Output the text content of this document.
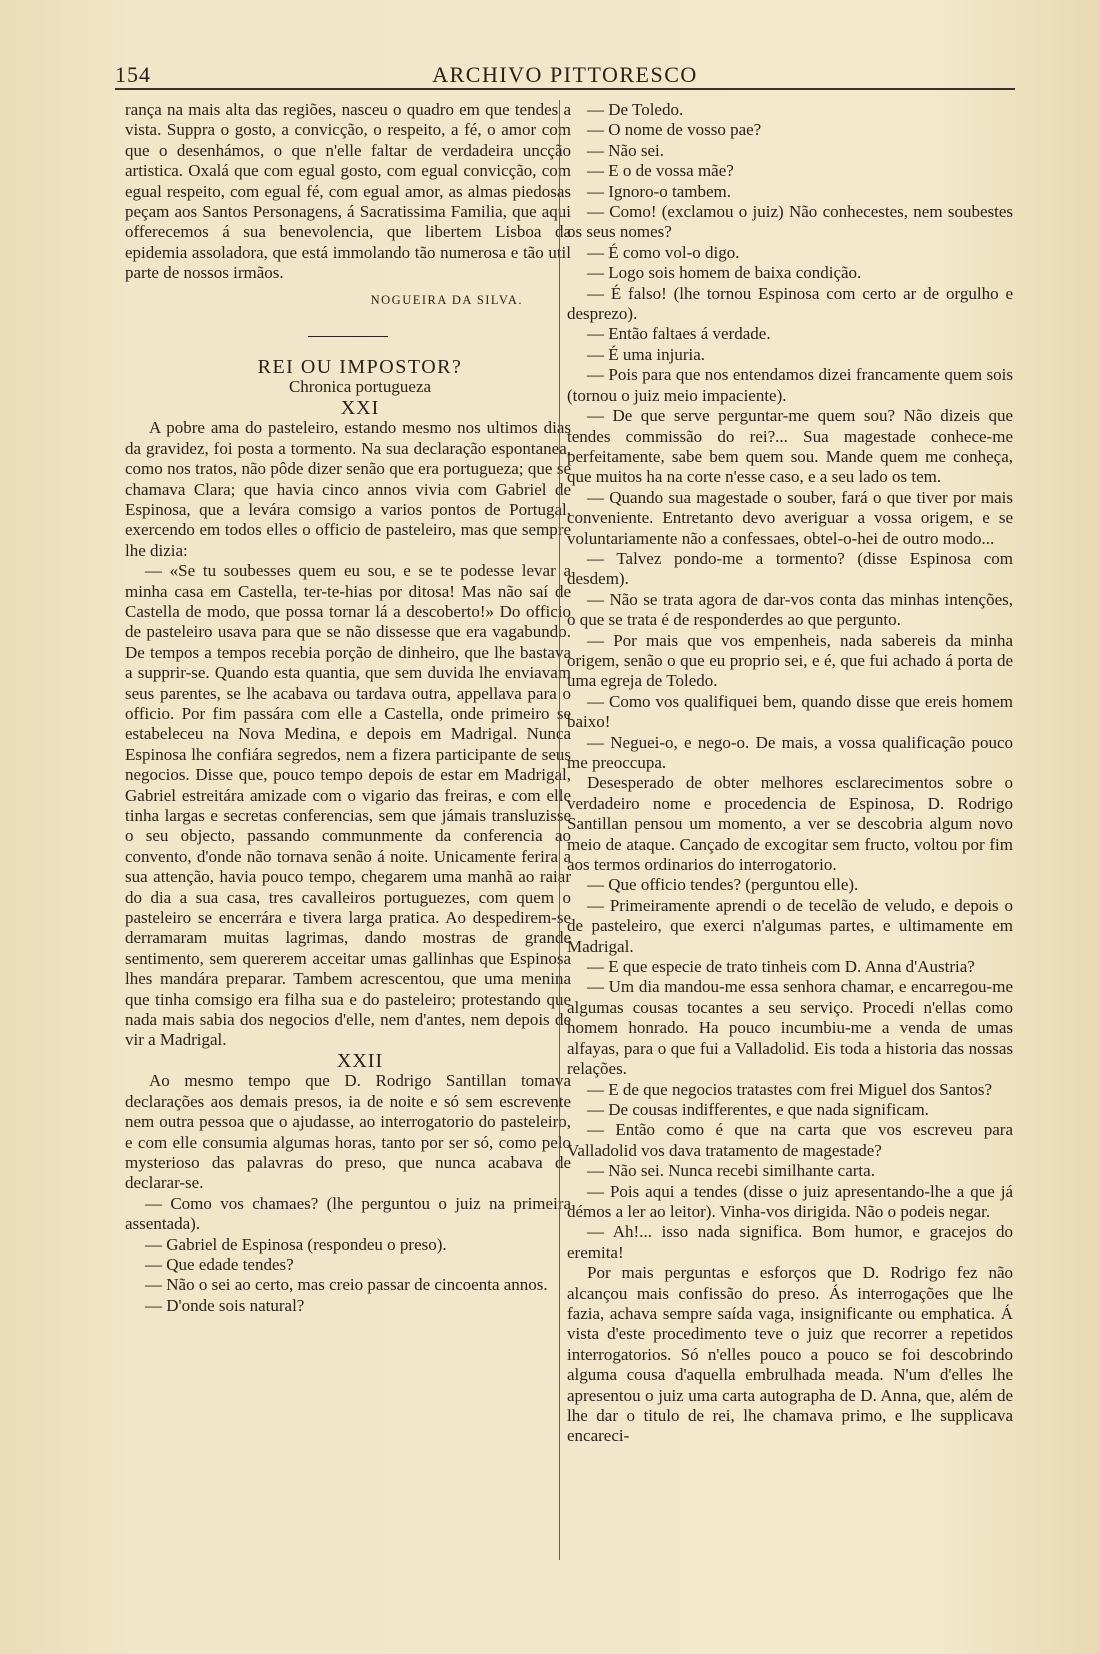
154	ARCHIVO PITTORESCO

rança na mais alta das regiões, nasceu o quadro em que tendes a vista. Suppra o gosto, a convicção, o respeito, a fé, o amor com que o desenhámos, o que n'elle faltar de verdadeira uncção artistica. Oxalá que com egual gosto, com egual convicção, com egual respeito, com egual fé, com egual amor, as almas piedosas peçam aos Santos Personagens, á Sacratissima Familia, que aqui offerecemos á sua benevolencia, que libertem Lisboa da epidemia assoladora, que está immolando tão numerosa e tão util parte de nossos irmãos.

NOGUEIRA DA SILVA.

REI OU IMPOSTOR?

Chronica portugueza

XXI

A pobre ama do pasteleiro, estando mesmo nos ultimos dias da gravidez, foi posta a tormento. Na sua declaração espontanea, como nos tratos, não pôde dizer senão que era portugueza; que se chamava Clara; que havia cinco annos vivia com Gabriel de Espinosa, que a levára comsigo a varios pontos de Portugal, exercendo em todos elles o officio de pasteleiro, mas que sempre lhe dizia:

— «Se tu soubesses quem eu sou, e se te podesse levar a minha casa em Castella, ter-te-hias por ditosa! Mas não saí de Castella de modo, que possa tornar lá a descoberto!» Do officio de pasteleiro usava para que se não dissesse que era vagabundo. De tempos a tempos recebia porção de dinheiro, que lhe bastava a supprir-se. Quando esta quantia, que sem duvida lhe enviavam seus parentes, se lhe acabava ou tardava outra, appellava para o officio. Por fim passára com elle a Castella, onde primeiro se estabeleceu na Nova Medina, e depois em Madrigal. Nunca Espinosa lhe confiára segredos, nem a fizera participante de seus negocios. Disse que, pouco tempo depois de estar em Madrigal, Gabriel estreitára amizade com o vigario das freiras, e com elle tinha largas e secretas conferencias, sem que jámais transluzisse o seu objecto, passando communmente da conferencia ao convento, d'onde não tornava senão á noite. Unicamente ferira a sua attenção, havia pouco tempo, chegarem uma manhã ao raiar do dia a sua casa, tres cavalleiros portuguezes, com quem o pasteleiro se encerrára e tivera larga pratica. Ao despedirem-se derramaram muitas lagrimas, dando mostras de grande sentimento, sem quererem acceitar umas gallinhas que Espinosa lhes mandára preparar. Tambem acrescentou, que uma menina que tinha comsigo era filha sua e do pasteleiro; protestando que nada mais sabia dos negocios d'elle, nem d'antes, nem depois de vir a Madrigal.

XXII

Ao mesmo tempo que D. Rodrigo Santillan tomava declarações aos demais presos, ia de noite e só sem escrevente nem outra pessoa que o ajudasse, ao interrogatorio do pasteleiro, e com elle consumia algumas horas, tanto por ser só, como pelo mysterioso das palavras do preso, que nunca acabava de declarar-se.

— Como vos chamaes? (lhe perguntou o juiz na primeira assentada).

— Gabriel de Espinosa (respondeu o preso).

— Que edade tendes?

— Não o sei ao certo, mas creio passar de cincoenta annos.

— D'onde sois natural?

— De Toledo.

— O nome de vosso pae?

— Não sei.

— E o de vossa mãe?

— Ignoro-o tambem.

— Como! (exclamou o juiz) Não conhecestes, nem soubestes os seus nomes?

— É como vol-o digo.

— Logo sois homem de baixa condição.

— É falso! (lhe tornou Espinosa com certo ar de orgulho e desprezo).

— Então faltaes á verdade.

— É uma injuria.

— Pois para que nos entendamos dizei francamente quem sois (tornou o juiz meio impaciente).

— De que serve perguntar-me quem sou? Não dizeis que tendes commissão do rei?... Sua magestade conhece-me perfeitamente, sabe bem quem sou. Mande quem me conheça, que muitos ha na corte n'esse caso, e a seu lado os tem.

— Quando sua magestade o souber, fará o que tiver por mais conveniente. Entretanto devo averiguar a vossa origem, e se voluntariamente não a confessaes, obtel-o-hei de outro modo...

— Talvez pondo-me a tormento? (disse Espinosa com desdem).

— Não se trata agora de dar-vos conta das minhas intenções, o que se trata é de responderdes ao que pergunto.

— Por mais que vos empenheis, nada sabereis da minha origem, senão o que eu proprio sei, e é, que fui achado á porta de uma egreja de Toledo.

— Como vos qualifiquei bem, quando disse que ereis homem baixo!

— Neguei-o, e nego-o. De mais, a vossa qualificação pouco me preoccupa.

Desesperado de obter melhores esclarecimentos sobre o verdadeiro nome e procedencia de Espinosa, D. Rodrigo Santillan pensou um momento, a ver se descobria algum novo meio de ataque. Cançado de excogitar sem fructo, voltou por fim aos termos ordinarios do interrogatorio.

— Que officio tendes? (perguntou elle).

— Primeiramente aprendi o de tecelão de veludo, e depois o de pasteleiro, que exerci n'algumas partes, e ultimamente em Madrigal.

— E que especie de trato tinheis com D. Anna d'Austria?

— Um dia mandou-me essa senhora chamar, e encarregou-me algumas cousas tocantes a seu serviço. Procedi n'ellas como homem honrado. Ha pouco incumbiu-me a venda de umas alfayas, para o que fui a Valladolid. Eis toda a historia das nossas relações.

— E de que negocios tratastes com frei Miguel dos Santos?

— De cousas indifferentes, e que nada significam.

— Então como é que na carta que vos escreveu para Valladolid vos dava tratamento de magestade?

— Não sei. Nunca recebi similhante carta.

— Pois aqui a tendes (disse o juiz apresentando-lhe a que já démos a ler ao leitor). Vinha-vos dirigida. Não o podeis negar.

— Ah!... isso nada significa. Bom humor, e gracejos do eremita!

Por mais perguntas e esforços que D. Rodrigo fez não alcançou mais confissão do preso. Ás interrogações que lhe fazia, achava sempre saída vaga, insignificante ou emphatica. Á vista d'este procedimento teve o juiz que recorrer a repetidos interrogatorios. Só n'elles pouco a pouco se foi descobrindo alguma cousa d'aquella embrulhada meada. N'um d'elles lhe apresentou o juiz uma carta autographa de D. Anna, que, além de lhe dar o titulo de rei, lhe chamava primo, e lhe supplicava encareci-
